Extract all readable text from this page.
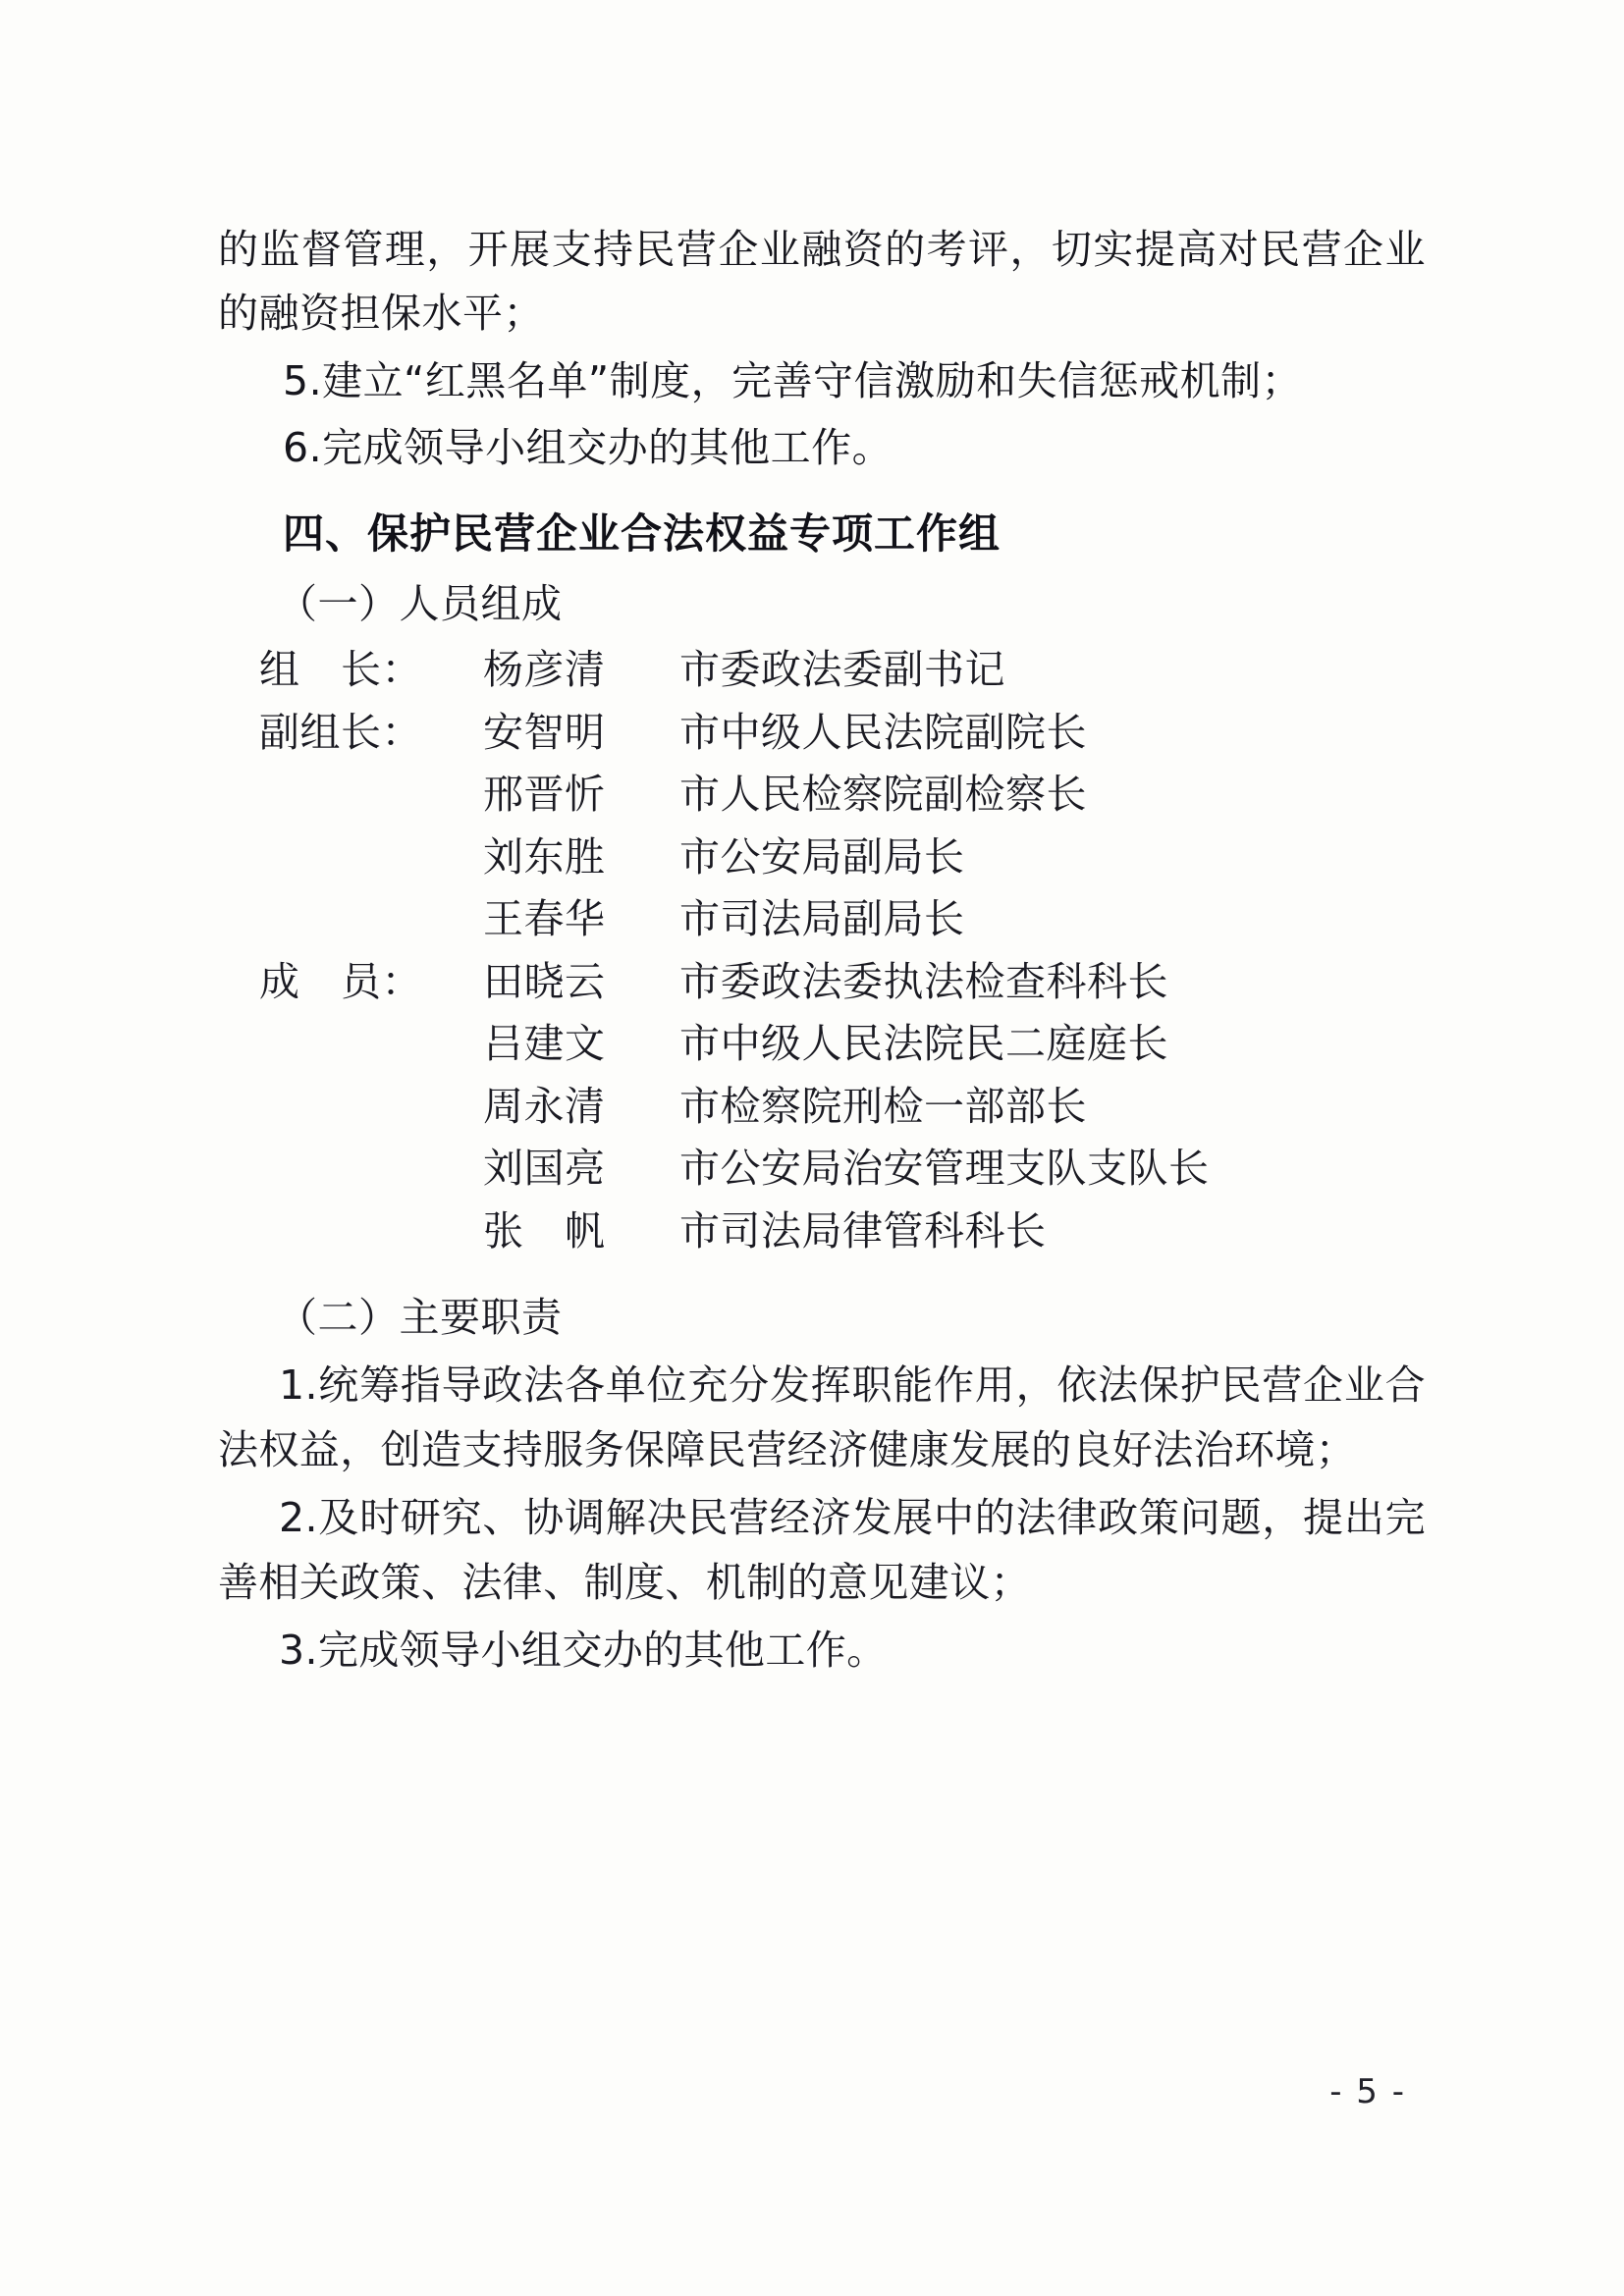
的监督管理，开展支持民营企业融资的考评，切实提高对民营企业的融资担保水平；

5.建立“红黑名单”制度，完善守信激励和失信惩戒机制；

6.完成领导小组交办的其他工作。

四、保护民营企业合法权益专项工作组

（一）人员组成

组　长：	杨彦清	市委政法委副书记
副组长：	安智明	市中级人民法院副院长
邢晋忻	市人民检察院副检察长
刘东胜	市公安局副局长
王春华	市司法局副局长
成　员：	田晓云	市委政法委执法检查科科长
吕建文	市中级人民法院民二庭庭长
周永清	市检察院刑检一部部长
刘国亮	市公安局治安管理支队支队长
张　帆	市司法局律管科科长

（二）主要职责

1.统筹指导政法各单位充分发挥职能作用，依法保护民营企业合法权益，创造支持服务保障民营经济健康发展的良好法治环境；

2.及时研究、协调解决民营经济发展中的法律政策问题，提出完善相关政策、法律、制度、机制的意见建议；

3.完成领导小组交办的其他工作。

- 5 -
